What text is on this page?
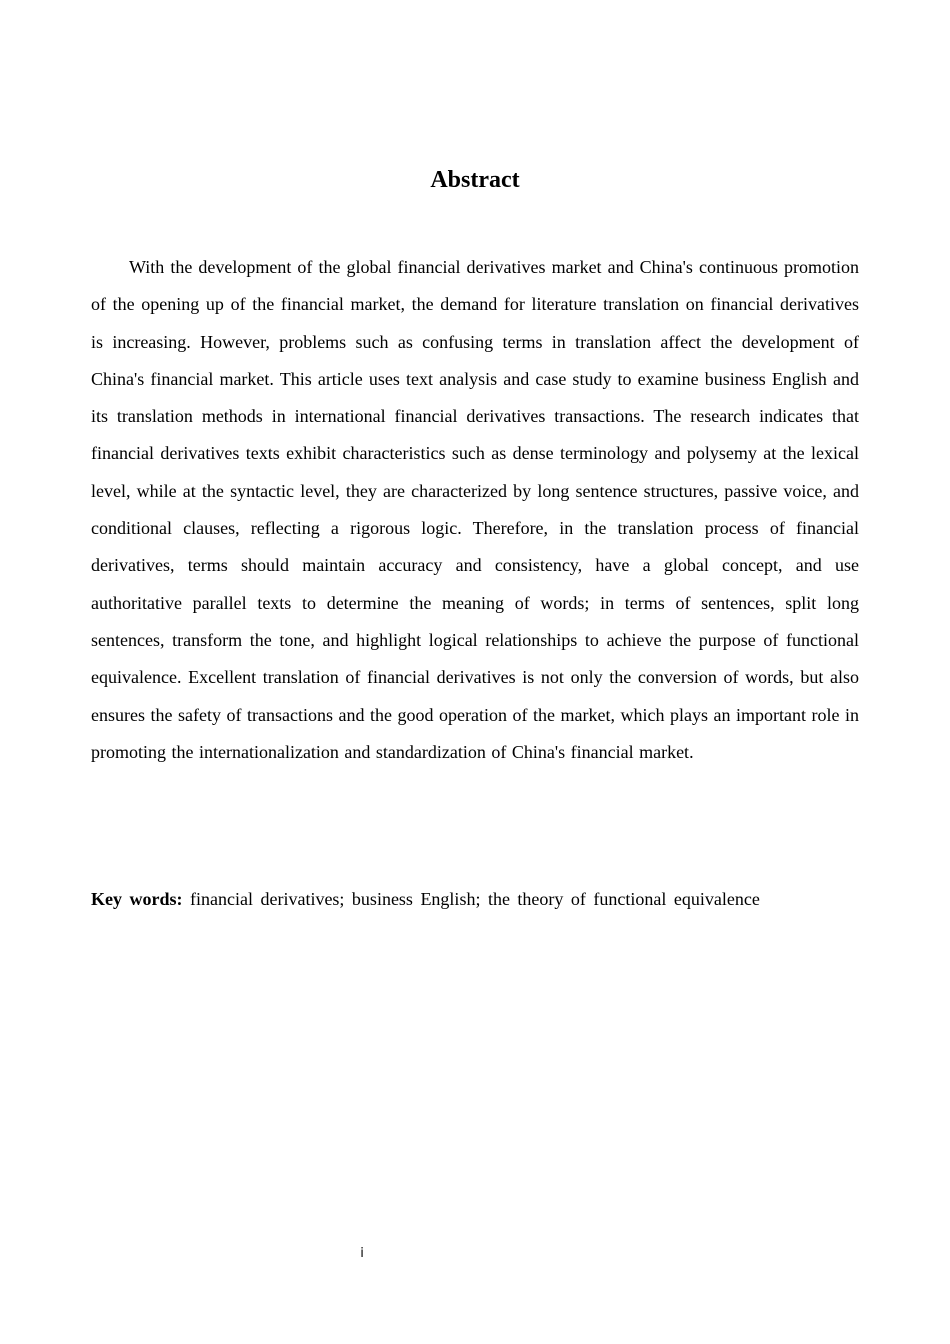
Abstract

With the development of the global financial derivatives market and China's continuous promotion of the opening up of the financial market, the demand for literature translation on financial derivatives is increasing. However, problems such as confusing terms in translation affect the development of China's financial market. This article uses text analysis and case study to examine business English and its translation methods in international financial derivatives transactions. The research indicates that financial derivatives texts exhibit characteristics such as dense terminology and polysemy at the lexical level, while at the syntactic level, they are characterized by long sentence structures, passive voice, and conditional clauses, reflecting a rigorous logic. Therefore, in the translation process of financial derivatives, terms should maintain accuracy and consistency, have a global concept, and use authoritative parallel texts to determine the meaning of words; in terms of sentences, split long sentences, transform the tone, and highlight logical relationships to achieve the purpose of functional equivalence. Excellent translation of financial derivatives is not only the conversion of words, but also ensures the safety of transactions and the good operation of the market, which plays an important role in promoting the internationalization and standardization of China's financial market.

Key words: financial derivatives; business English; the theory of functional equivalence

i
